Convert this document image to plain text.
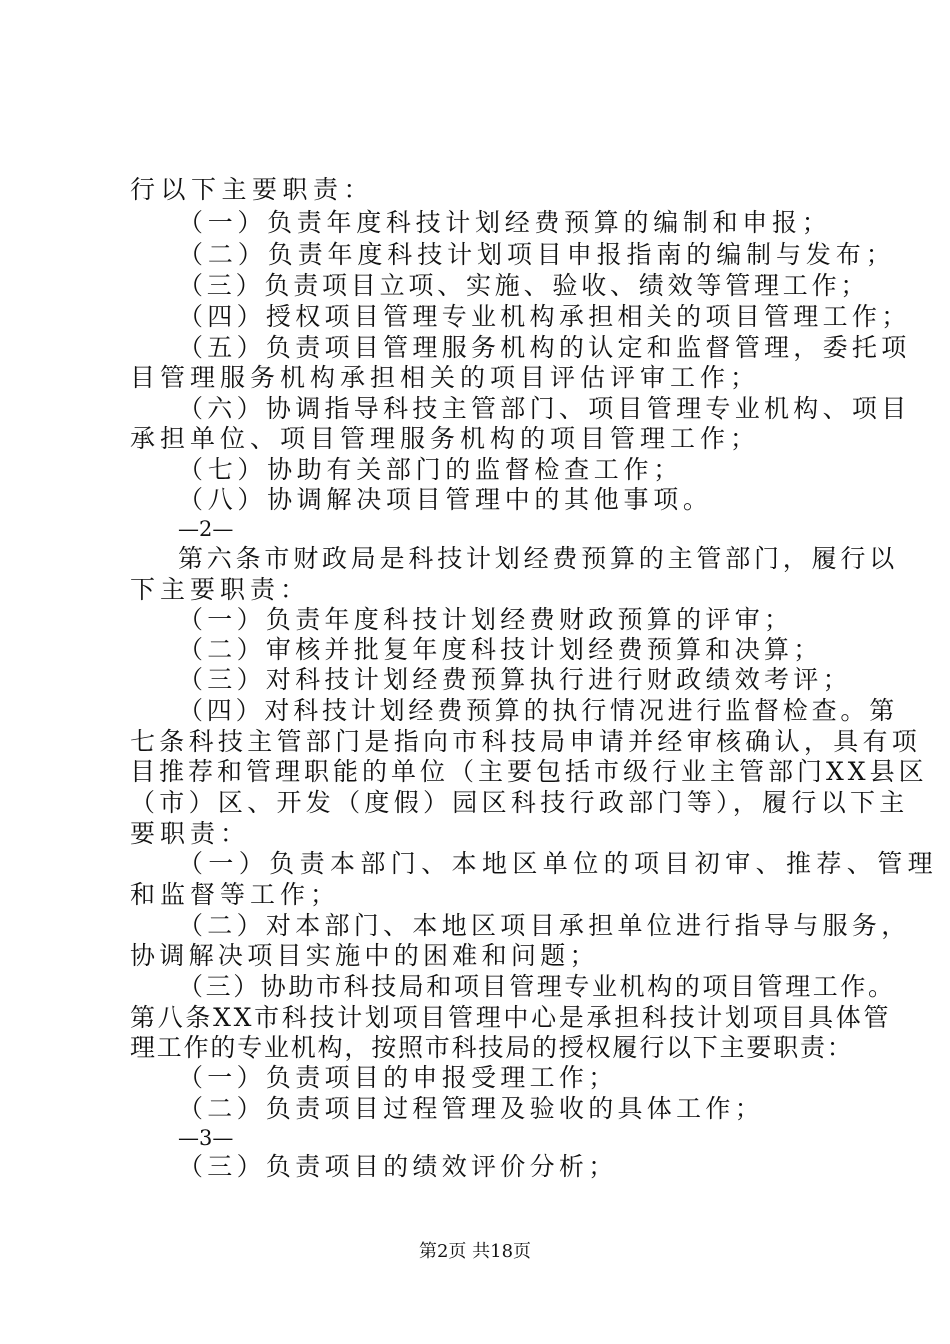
行以下主要职责：
（一）负责年度科技计划经费预算的编制和申报；
（二）负责年度科技计划项目申报指南的编制与发布；
（三）负责项目立项、实施、验收、绩效等管理工作；
（四）授权项目管理专业机构承担相关的项目管理工作；
（五）负责项目管理服务机构的认定和监督管理，委托项
目管理服务机构承担相关的项目评估评审工作；
（六）协调指导科技主管部门、项目管理专业机构、项目
承担单位、项目管理服务机构的项目管理工作；
（七）协助有关部门的监督检查工作；
（八）协调解决项目管理中的其他事项。
—2—
第六条市财政局是科技计划经费预算的主管部门，履行以
下主要职责：
（一）负责年度科技计划经费财政预算的评审；
（二）审核并批复年度科技计划经费预算和决算；
（三）对科技计划经费预算执行进行财政绩效考评；
（四）对科技计划经费预算的执行情况进行监督检查。第
七条科技主管部门是指向市科技局申请并经审核确认，具有项
目推荐和管理职能的单位（主要包括市级行业主管部门XX县区
（市）区、开发（度假）园区科技行政部门等），履行以下主
要职责：
（一）负责本部门、本地区单位的项目初审、推荐、管理
和监督等工作；
（二）对本部门、本地区项目承担单位进行指导与服务，
协调解决项目实施中的困难和问题；
（三）协助市科技局和项目管理专业机构的项目管理工作。
第八条XX市科技计划项目管理中心是承担科技计划项目具体管
理工作的专业机构，按照市科技局的授权履行以下主要职责：
（一）负责项目的申报受理工作；
（二）负责项目过程管理及验收的具体工作；
—3—
（三）负责项目的绩效评价分析；
第2页 共18页
